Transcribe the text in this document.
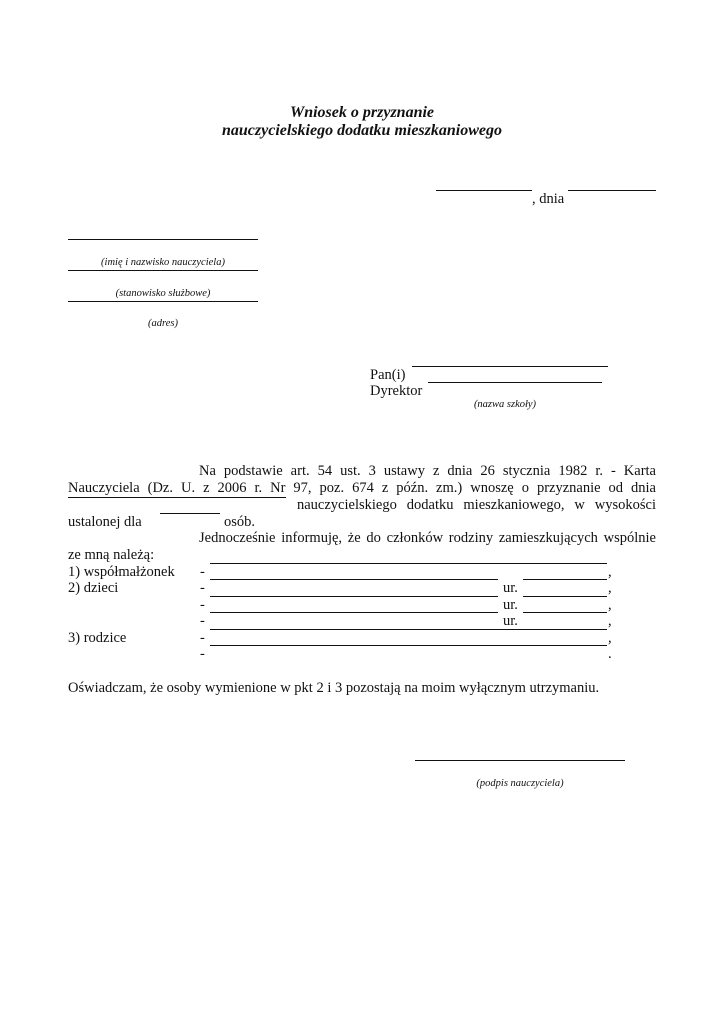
Wniosek o przyznanie
nauczycielskiego dodatku mieszkaniowego
, dnia
(imię i nazwisko nauczyciela)
(stanowisko służbowe)
(adres)
Pan(i)
Dyrektor
(nazwa szkoły)
Na podstawie art. 54 ust. 3 ustawy z dnia 26 stycznia 1982 r. - Karta
Nauczyciela (Dz. U. z 2006 r. Nr 97, poz. 674 z późn. zm.) wnoszę o przyznanie od dnia
nauczycielskiego dodatku mieszkaniowego, w wysokości
ustalonej dla	osób.
Jednocześnie informuję, że do członków rodziny zamieszkujących wspólnie
ze mną należą:
1) współmałżonek -	,
2) dzieci	-	ur.	,
-	ur.	,
-	ur.	,
3) rodzice	-	,
-	.
Oświadczam, że osoby wymienione w pkt 2 i 3 pozostają na moim wyłącznym utrzymaniu.
(podpis nauczyciela)
